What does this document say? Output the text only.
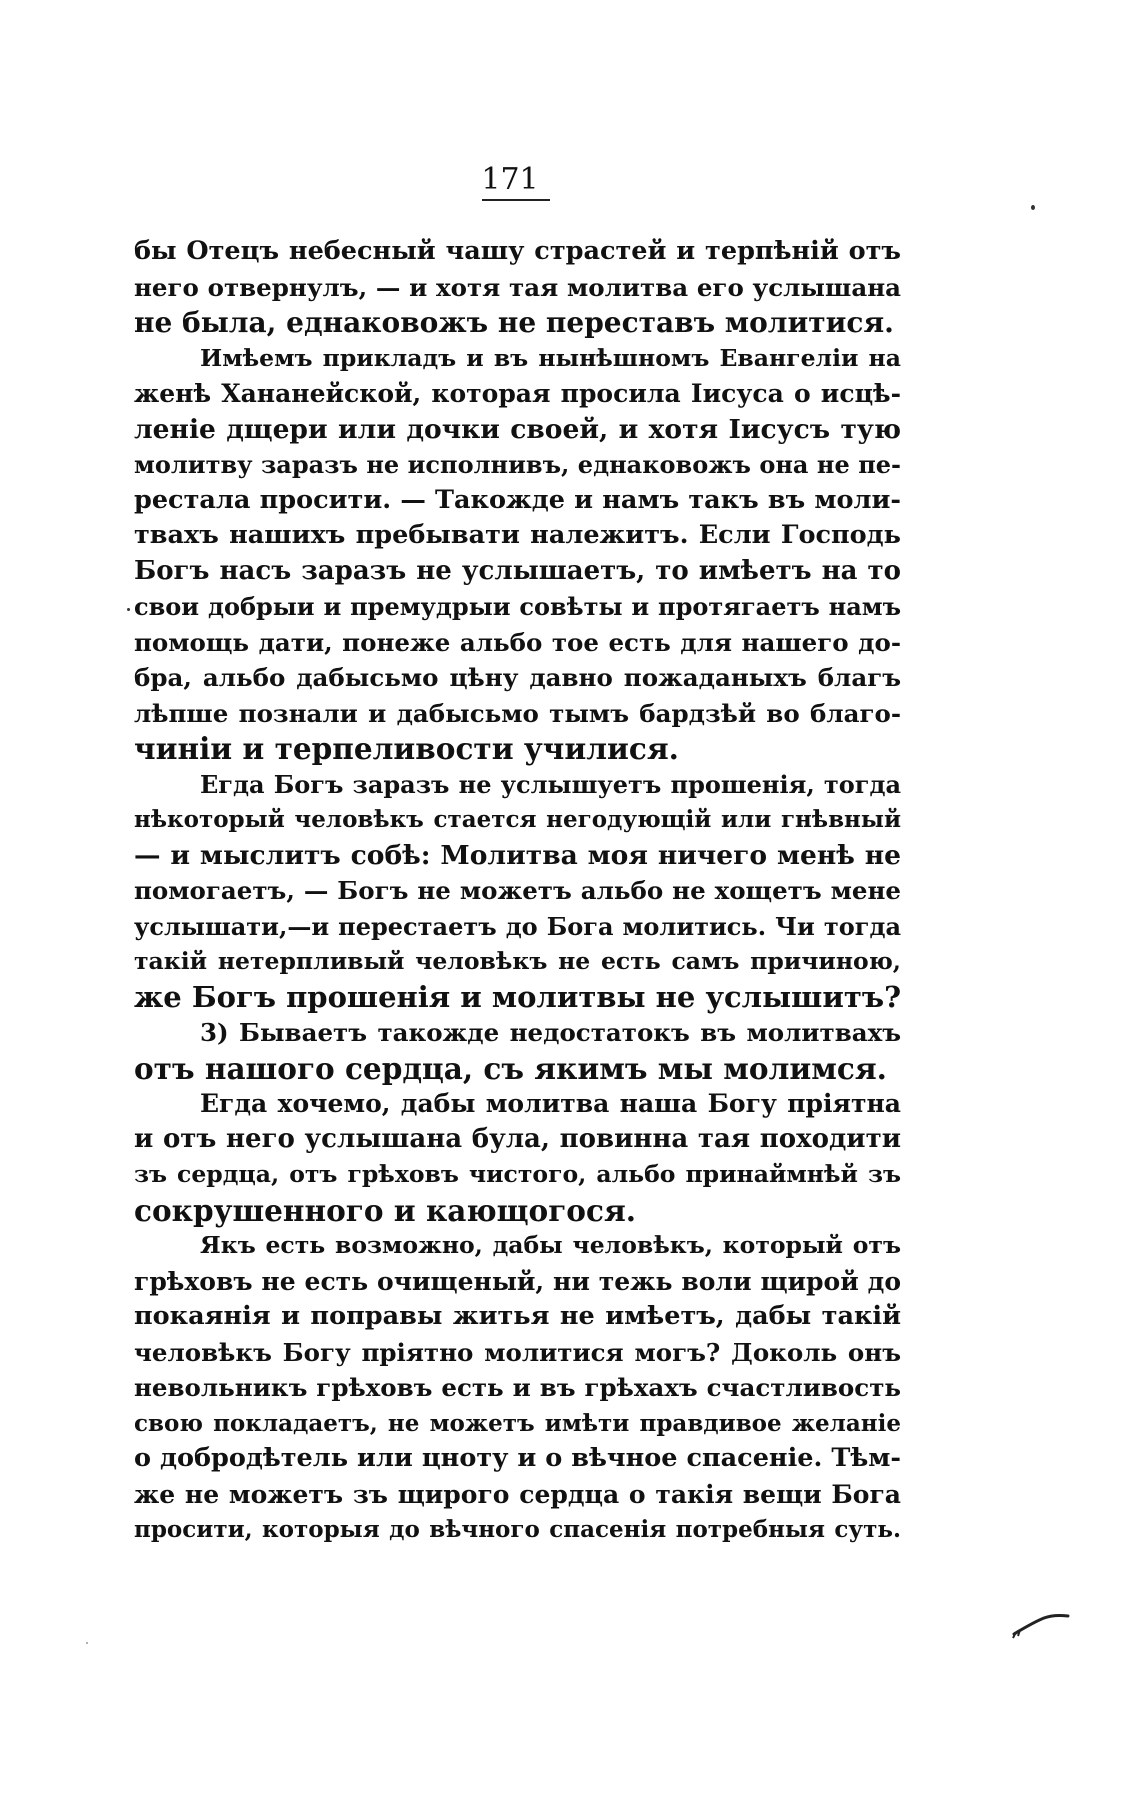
171
бы Отецъ небесный чашу страстей и терпѣній отъ
него отвернулъ, — и хотя тая молитва его услышана
не была, еднаковожъ не переставъ молитися.
Имѣемъ прикладъ и въ нынѣшномъ Евангеліи на
женѣ Хананейской, которая просила Іисуса о исцѣ-
леніе дщери или дочки своей, и хотя Іисусъ тую
молитву заразъ не исполнивъ, еднаковожъ она не пе-
рестала просити. — Такожде и намъ такъ въ моли-
твахъ нашихъ пребывати належитъ. Если Господь
Богъ насъ заразъ не услышаетъ, то имѣетъ на то
свои добрыи и премудрыи совѣты и протягаетъ намъ
помощь дати, понеже альбо тое есть для нашего до-
бра, альбо дабысьмо цѣну давно пожаданыхъ благъ
лѣпше познали и дабысьмо тымъ бардзѣй во благо-
чиніи и терпеливости училися.
Егда Богъ заразъ не услышуетъ прошенія, тогда
нѣкоторый человѣкъ стается негодующій или гнѣвный
— и мыслитъ собѣ: Молитва моя ничего менѣ не
помогаетъ, — Богъ не можетъ альбо не хощетъ мене
услышати,—и перестаетъ до Бога молитись. Чи тогда
такій нетерпливый человѣкъ не есть самъ причиною,
же Богъ прошенія и молитвы не услышитъ?
3) Бываетъ такожде недостатокъ въ молитвахъ
отъ нашого сердца, съ якимъ мы молимся.
Егда хочемо, дабы молитва наша Богу пріятна
и отъ него услышана була, повинна тая походити
зъ сердца, отъ грѣховъ чистого, альбо принаймнѣй зъ
сокрушенного и кающогося.
Якъ есть возможно, дабы человѣкъ, который отъ
грѣховъ не есть очищеный, ни тежь воли щирой до
покаянія и поправы житья не имѣетъ, дабы такій
человѣкъ Богу пріятно молитися могъ? Доколь онъ
невольникъ грѣховъ есть и въ грѣхахъ счастливость
свою покладаетъ, не можетъ имѣти правдивое желаніе
о добродѣтель или цноту и о вѣчное спасеніе. Тѣм-
же не можетъ зъ щирого сердца о такія вещи Бога
просити, которыя до вѣчного спасенія потребныя суть.
